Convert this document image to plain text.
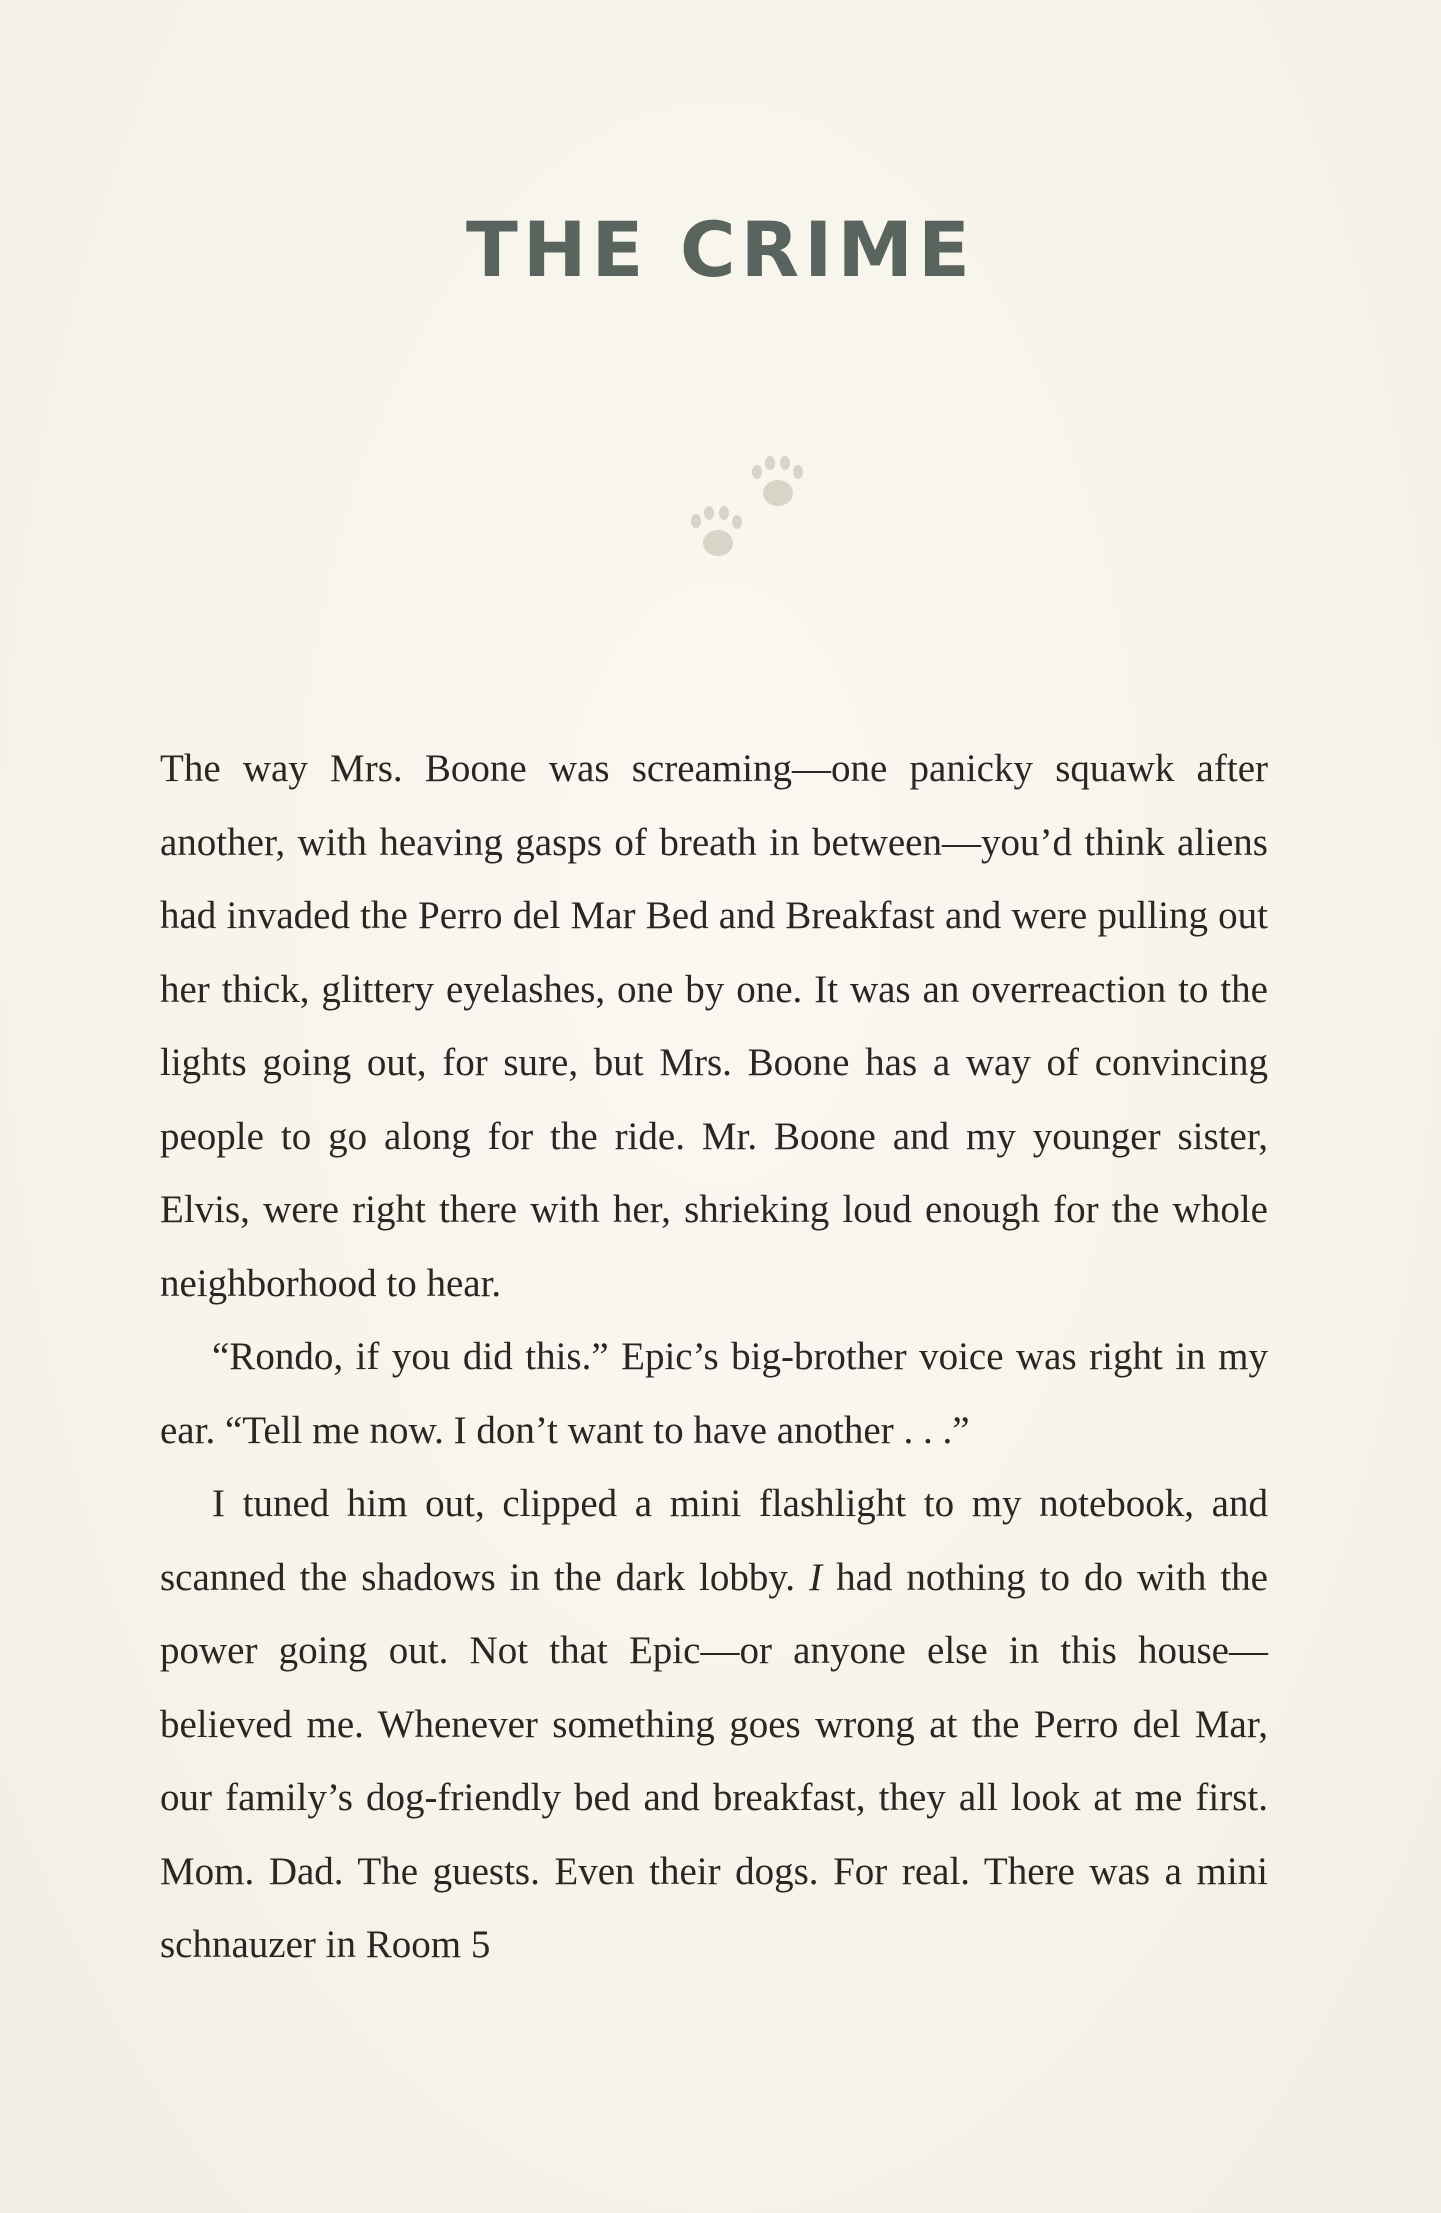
THE CRIME

The way Mrs. Boone was screaming—one panicky squawk after another, with heaving gasps of breath in between—you’d think aliens had invaded the Perro del Mar Bed and Breakfast and were pulling out her thick, glittery eyelashes, one by one. It was an overreaction to the lights going out, for sure, but Mrs. Boone has a way of convincing people to go along for the ride. Mr. Boone and my younger sister, Elvis, were right there with her, shrieking loud enough for the whole neighborhood to hear.

“Rondo, if you did this.” Epic’s big-brother voice was right in my ear. “Tell me now. I don’t want to have another . . .”

I tuned him out, clipped a mini flashlight to my notebook, and scanned the shadows in the dark lobby. I had nothing to do with the power going out. Not that Epic—or anyone else in this house—believed me. Whenever something goes wrong at the Perro del Mar, our family’s dog-friendly bed and breakfast, they all look at me first. Mom. Dad. The guests. Even their dogs. For real. There was a mini schnauzer in Room 5
